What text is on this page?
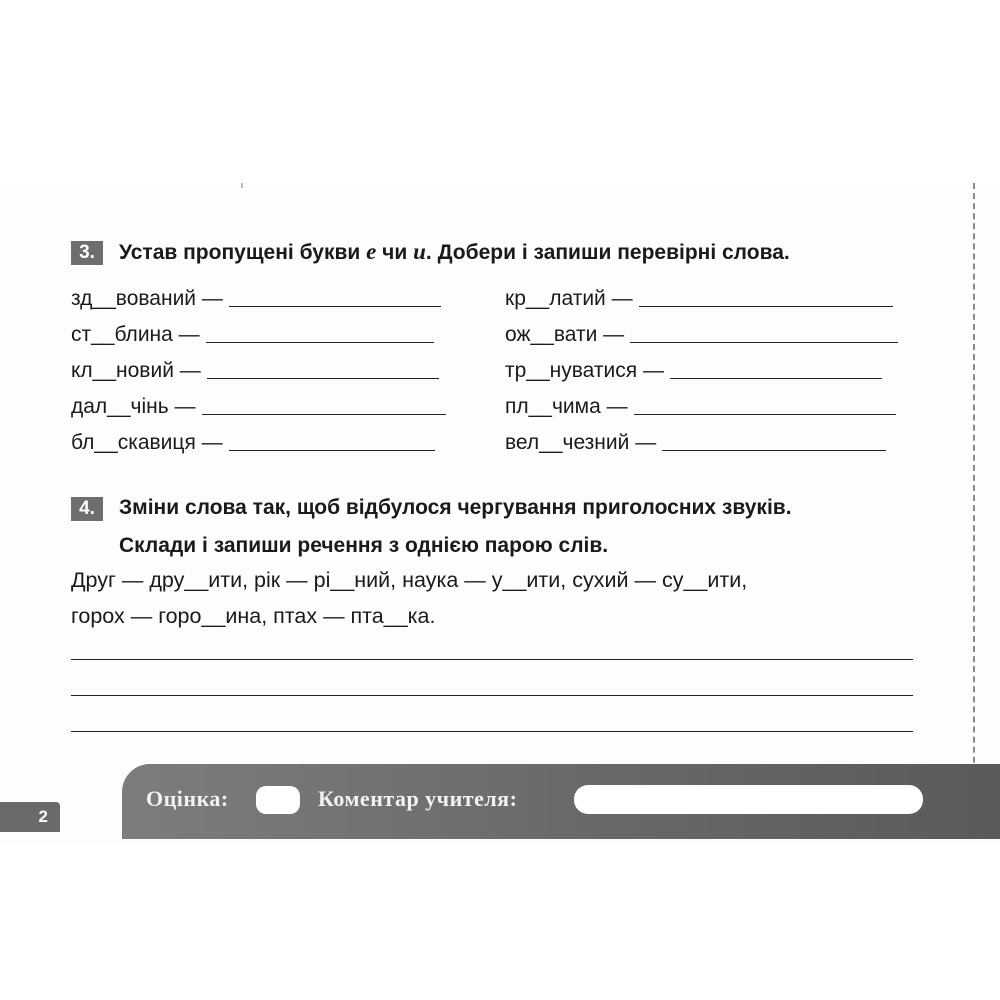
3.	Устав пропущені букви е чи и. Добери і запиши перевірні слова.
зд__вований —
ст__блина —
кл__новий —
дал__чінь —
бл__скавиця —
кр__латий —
ож__вати —
тр__нуватися —
пл__чима —
вел__чезний —
4.	Зміни слова так, щоб відбулося чергування приголосних звуків.
Склади і запиши речення з однією парою слів.
Друг — дру__ити, рік — рі__ний, наука — у__ити, сухий — су__ити,
горох — горо__ина, птах — пта__ка.
Оцінка:	Коментар учителя:
2
